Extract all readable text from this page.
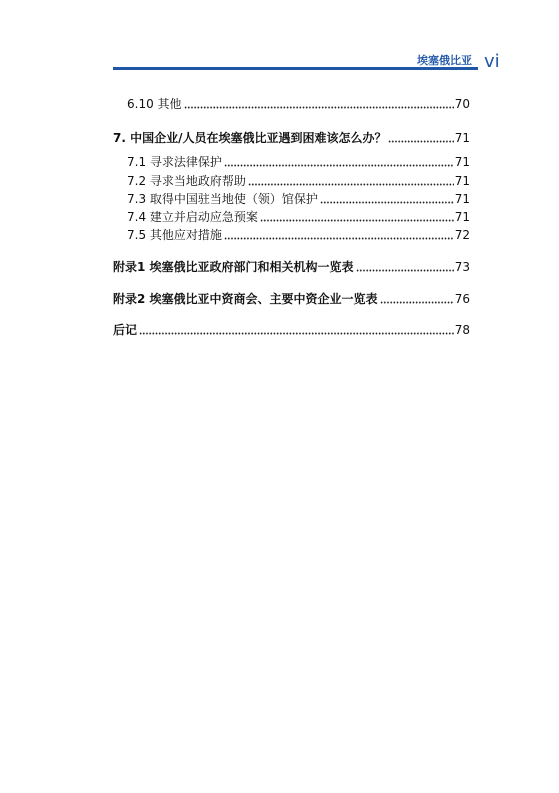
埃塞俄比亚 vi
6.10 其他	70
7. 中国企业/人员在埃塞俄比亚遇到困难该怎么办？	71
7.1 寻求法律保护	71
7.2 寻求当地政府帮助	71
7.3 取得中国驻当地使（领）馆保护	71
7.4 建立并启动应急预案	71
7.5 其他应对措施	72
附录1 埃塞俄比亚政府部门和相关机构一览表	73
附录2 埃塞俄比亚中资商会、主要中资企业一览表	76
后记	78
